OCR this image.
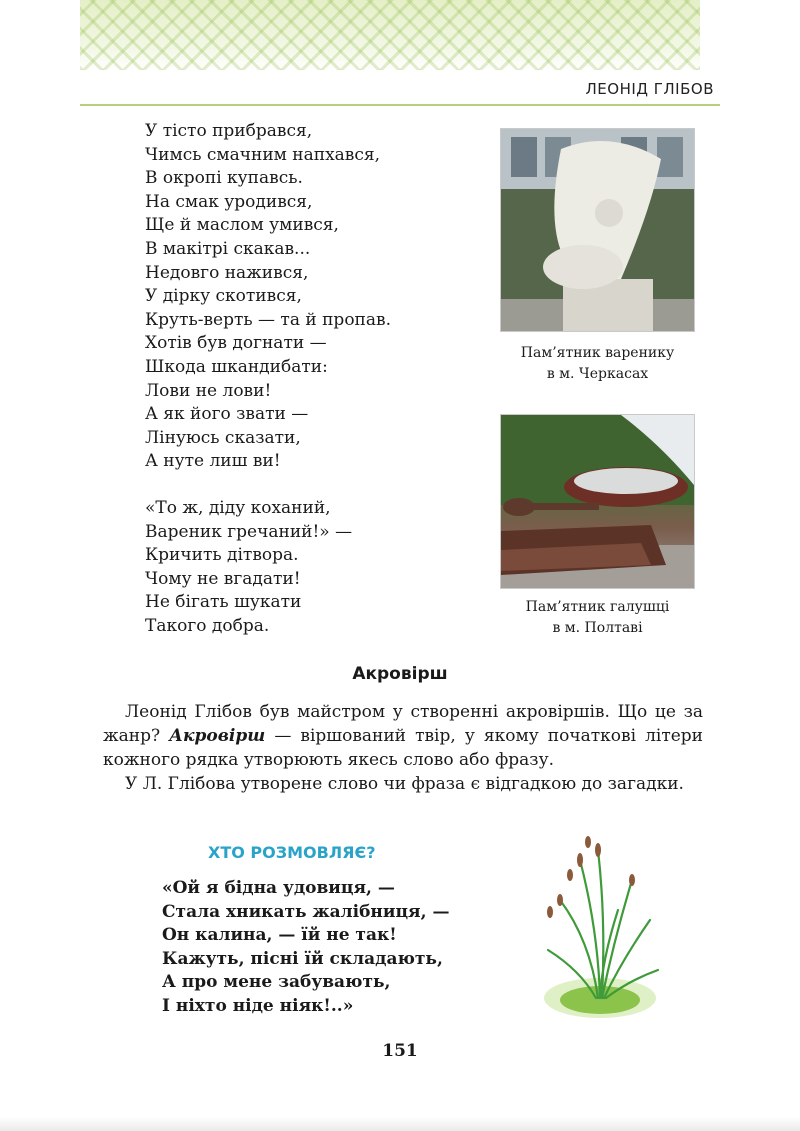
ЛЕОНІД ГЛІБОВ
У тісто прибрався,
Чимсь смачним напхався,
В окропі купавсь.
На смак уродився,
Ще й маслом умився,
В макітрі скакав...
Недовго нажився,
У дірку скотився,
Круть-верть — та й пропав.
Хотів був догнати —
Шкода шкандибати:
Лови не лови!
А як його звати —
Лінуюсь сказати,
А нуте лиш ви!
«То ж, діду коханий,
Вареник гречаний!» —
Кричить дітвора.
Чому не вгадати!
Не бігать шукати
Такого добра.

Пам’ятник варенику
в м. Черкасах

Пам’ятник галушці
в м. Полтаві

Акровірш

Леонід Глібов був майстром у створенні акровіршів. Що це за жанр? Акровірш — віршований твір, у якому початкові літери кожного рядка утворюють якесь слово або фразу.

У Л. Глібова утворене слово чи фраза є відгадкою до загадки.

ХТО РОЗМОВЛЯЄ?
«Ой я бідна удовиця, —
Стала хникать жалібниця, —
Он калина, — їй не так!
Кажуть, пісні їй складають,
А про мене забувають,
І ніхто ніде ніяк!..»

151
